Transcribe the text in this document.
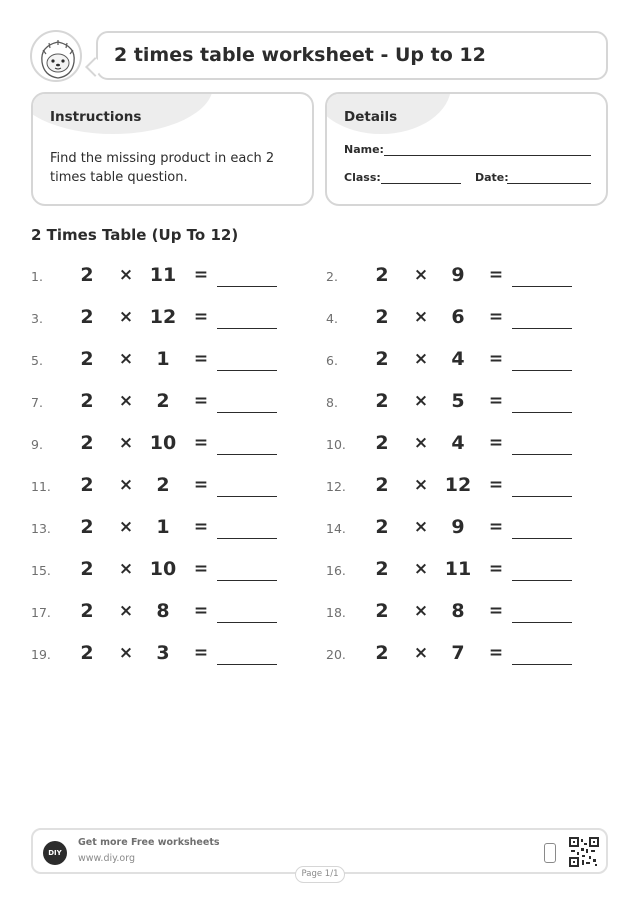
2 times table worksheet - Up to 12
Instructions
Find the missing product in each 2 times table question.
Details
Name:
Class:	Date:
2 Times Table (Up To 12)
1. 2 × 11 =	2. 2 × 9 =
3. 2 × 12 =	4. 2 × 6 =
5. 2 × 1 =	6. 2 × 4 =
7. 2 × 2 =	8. 2 × 5 =
9. 2 × 10 =	10. 2 × 4 =
11. 2 × 2 =	12. 2 × 12 =
13. 2 × 1 =	14. 2 × 9 =
15. 2 × 10 =	16. 2 × 11 =
17. 2 × 8 =	18. 2 × 8 =
19. 2 × 3 =	20. 2 × 7 =
DIY
Get more Free worksheets
www.diy.org
Page 1/1
